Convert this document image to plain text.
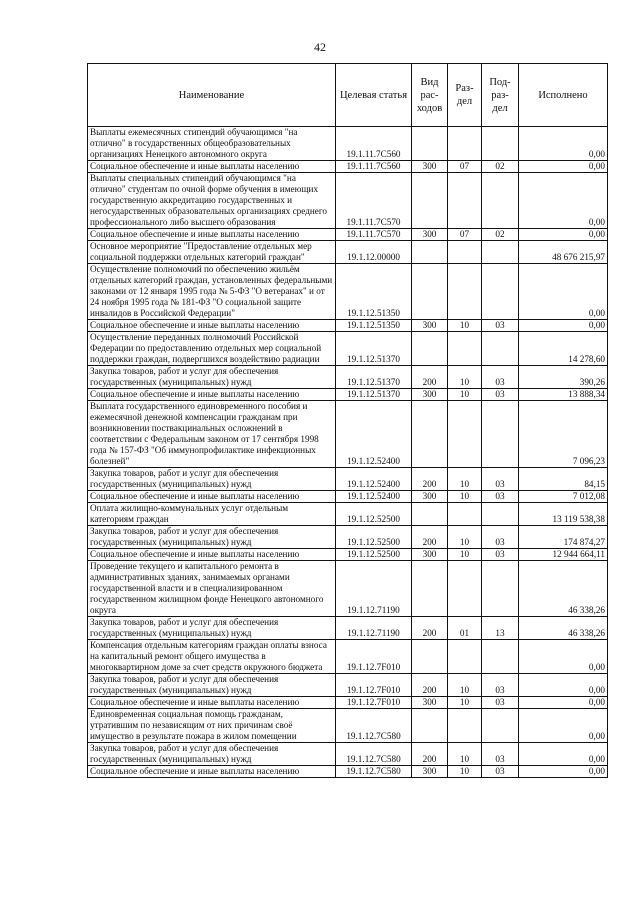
42
Наименование	Целевая статья	Вид рас-ходов	Раз-дел	Под-раз-дел	Исполнено
Выплаты ежемесячных стипендий обучающимся "на отлично" в государственных общеобразовательных организациях Ненецкого автономного округа	19.1.11.7С560				0,00
Социальное обеспечение и иные выплаты населению	19.1.11.7С560	300	07	02	0,00
Выплаты специальных стипендий обучающимся "на отлично" студентам по очной форме обучения в имеющих государственную аккредитацию государственных и негосударственных образовательных организациях среднего профессионального либо высшего образования	19.1.11.7С570				0,00
Социальное обеспечение и иные выплаты населению	19.1.11.7С570	300	07	02	0,00
Основное мероприятие "Предоставление отдельных мер социальной поддержки отдельных категорий граждан"	19.1.12.00000				48 676 215,97
Осуществление полномочий по обеспечению жильём отдельных категорий граждан, установленных федеральными законами от 12 января 1995 года № 5-ФЗ "О ветеранах" и от 24 ноября 1995 года № 181-ФЗ "О социальной защите инвалидов в Российской Федерации"	19.1.12.51350				0,00
Социальное обеспечение и иные выплаты населению	19.1.12.51350	300	10	03	0,00
Осуществление переданных полномочий Российской Федерации по предоставлению отдельных мер социальной поддержки граждан, подвергшихся воздействию радиации	19.1.12.51370				14 278,60
Закупка товаров, работ и услуг для обеспечения государственных (муниципальных) нужд	19.1.12.51370	200	10	03	390,26
Социальное обеспечение и иные выплаты населению	19.1.12.51370	300	10	03	13 888,34
Выплата государственного единовременного пособия и ежемесячной денежной компенсации гражданам при возникновении поствакцинальных осложнений в соответствии с Федеральным законом от 17 сентября 1998 года № 157-ФЗ "Об иммунопрофилактике инфекционных болезней"	19.1.12.52400				7 096,23
Закупка товаров, работ и услуг для обеспечения государственных (муниципальных) нужд	19.1.12.52400	200	10	03	84,15
Социальное обеспечение и иные выплаты населению	19.1.12.52400	300	10	03	7 012,08
Оплата жилищно-коммунальных услуг отдельным категориям граждан	19.1.12.52500				13 119 538,38
Закупка товаров, работ и услуг для обеспечения государственных (муниципальных) нужд	19.1.12.52500	200	10	03	174 874,27
Социальное обеспечение и иные выплаты населению	19.1.12.52500	300	10	03	12 944 664,11
Проведение текущего и капитального ремонта в административных зданиях, занимаемых органами государственной власти и в специализированном государственном жилищном фонде Ненецкого автономного округа	19.1.12.71190				46 338,26
Закупка товаров, работ и услуг для обеспечения государственных (муниципальных) нужд	19.1.12.71190	200	01	13	46 338,26
Компенсация отдельным категориям граждан оплаты взноса на капитальный ремонт общего имущества в многоквартирном доме за счет средств окружного бюджета	19.1.12.7F010				0,00
Закупка товаров, работ и услуг для обеспечения государственных (муниципальных) нужд	19.1.12.7F010	200	10	03	0,00
Социальное обеспечение и иные выплаты населению	19.1.12.7F010	300	10	03	0,00
Единовременная социальная помощь гражданам, утратившим по независящим от них причинам своё имущество в результате пожара в жилом помещении	19.1.12.7С580				0,00
Закупка товаров, работ и услуг для обеспечения государственных (муниципальных) нужд	19.1.12.7С580	200	10	03	0,00
Социальное обеспечение и иные выплаты населению	19.1.12.7С580	300	10	03	0,00
